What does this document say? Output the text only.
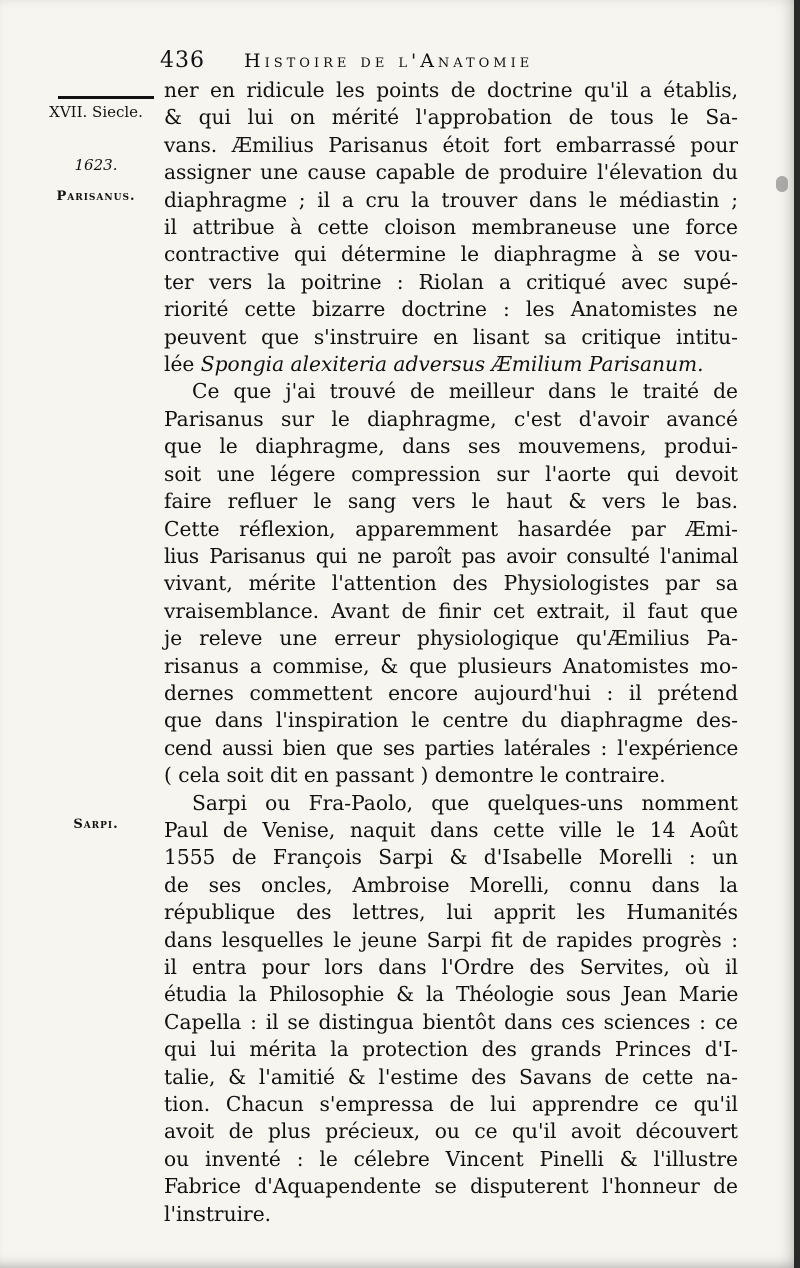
436 Histoire de l'Anatomie
XVII. Siecle.
1623.
Parisanus.
Sarpi.
ner en ridicule les points de doctrine qu'il a établis,
& qui lui on mérité l'approbation de tous le Sa-
vans. Æmilius Parisanus étoit fort embarrassé pour
assigner une cause capable de produire l'élevation du
diaphragme ; il a cru la trouver dans le médiastin ;
il attribue à cette cloison membraneuse une force
contractive qui détermine le diaphragme à se vou-
ter vers la poitrine : Riolan a critiqué avec supé-
riorité cette bizarre doctrine : les Anatomistes ne
peuvent que s'instruire en lisant sa critique intitu-
lée Spongia alexiteria adversus Æmilium Parisanum.
Ce que j'ai trouvé de meilleur dans le traité de
Parisanus sur le diaphragme, c'est d'avoir avancé
que le diaphragme, dans ses mouvemens, produi-
soit une légere compression sur l'aorte qui devoit
faire refluer le sang vers le haut & vers le bas.
Cette réflexion, apparemment hasardée par Æmi-
lius Parisanus qui ne paroît pas avoir consulté l'animal
vivant, mérite l'attention des Physiologistes par sa
vraisemblance. Avant de finir cet extrait, il faut que
je releve une erreur physiologique qu'Æmilius Pa-
risanus a commise, & que plusieurs Anatomistes mo-
dernes commettent encore aujourd'hui : il prétend
que dans l'inspiration le centre du diaphragme des-
cend aussi bien que ses parties latérales : l'expérience
( cela soit dit en passant ) demontre le contraire.
Sarpi ou Fra-Paolo, que quelques-uns nomment
Paul de Venise, naquit dans cette ville le 14 Août
1555 de François Sarpi & d'Isabelle Morelli : un
de ses oncles, Ambroise Morelli, connu dans la
république des lettres, lui apprit les Humanités
dans lesquelles le jeune Sarpi fit de rapides progrès :
il entra pour lors dans l'Ordre des Servites, où il
étudia la Philosophie & la Théologie sous Jean Marie
Capella : il se distingua bientôt dans ces sciences : ce
qui lui mérita la protection des grands Princes d'I-
talie, & l'amitié & l'estime des Savans de cette na-
tion. Chacun s'empressa de lui apprendre ce qu'il
avoit de plus précieux, ou ce qu'il avoit découvert
ou inventé : le célebre Vincent Pinelli & l'illustre
Fabrice d'Aquapendente se disputerent l'honneur de
l'instruire.
